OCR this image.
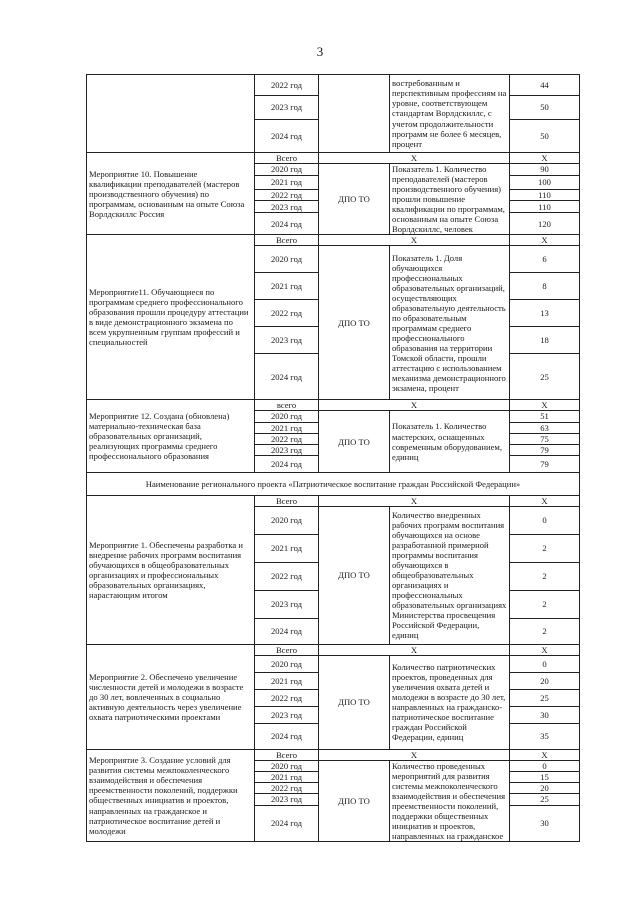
3
	2022 год		востребованным и перспективным профессиям на уровне, соответствующем стандартам Ворлдскиллс, с учетом продолжительности программ не более 6 месяцев, процент	44
	2023 год			50
	2024 год			50
Мероприятие 10. Повышение квалификации преподавателей (мастеров производственного обучения) по программам, основанным на опыте Союза Ворлдскиллс Россия	Всего	Х		Х
	2020 год	ДПО ТО	Показатель 1. Количество преподавателей (мастеров производственного обучения) прошли повышение квалификации по программам, основанным на опыте Союза Ворлдскиллс, человек	90
	2021 год			100
	2022 год			110
	2023 год			110
	2024 год			120
Мероприятие11. Обучающиеся по программам среднего профессионального образования прошли процедуру аттестации в виде демонстрационного экзамена по всем укрупненным группам профессий и специальностей	Всего	Х		Х
	2020 год	ДПО ТО	Показатель 1. Доля обучающихся профессиональных образовательных организаций, осуществляющих образовательную деятельность по образовательным программам среднего профессионального образования на территории Томской области, прошли аттестацию с использованием механизма демонстрационного экзамена, процент	6
	2021 год			8
	2022 год			13
	2023 год			18
	2024 год			25
Мероприятие 12. Создана (обновлена) материально-техническая база образовательных организаций, реализующих программы среднего профессионального образования	всего	Х		Х
	2020 год	ДПО ТО	Показатель 1. Количество мастерских, оснащенных современным оборудованием, единиц	51
	2021 год			63
	2022 год			75
	2023 год			79
	2024 год			79
Наименование регионального проекта «Патриотическое воспитание граждан Российской Федерации»				
Мероприятие 1. Обеспечены разработка и внедрение рабочих программ воспитания обучающихся в общеобразовательных организациях и профессиональных образовательных организациях, нарастающим итогом	Всего	Х		Х
	2020 год	ДПО ТО	Количество внедренных рабочих программ воспитания обучающихся на основе разработанной примерной программы воспитания обучающихся в общеобразовательных организациях и профессиональных образовательных организациях Министерства просвещения Российской Федерации, единиц	0
	2021 год			2
	2022 год			2
	2023 год			2
	2024 год			2
Мероприятие 2. Обеспечено увеличение численности детей и молодежи в возрасте до 30 лет, вовлеченных в социально активную деятельность через увеличение охвата патриотическими проектами	Всего	Х		Х
	2020 год	ДПО ТО	Количество патриотических проектов, проведенных для увеличения охвата детей и молодежи в возрасте до 30 лет, направленных на гражданско-патриотическое воспитание граждан Российской Федерации, единиц	0
	2021 год			20
	2022 год			25
	2023 год			30
	2024 год			35
Мероприятие 3. Создание условий для развития системы межпоколенческого взаимодействия и обеспечения преемственности поколений, поддержки общественных инициатив и проектов, направленных на гражданское и патриотическое воспитание детей и молодежи	Всего	Х		Х
	2020 год	ДПО ТО	Количество проведенных мероприятий для развития системы межпоколенческого взаимодействия и обеспечения преемственности поколений, поддержки общественных инициатив и проектов, направленных на гражданское	0
	2021 год			15
	2022 год			20
	2023 год			25
	2024 год			30
